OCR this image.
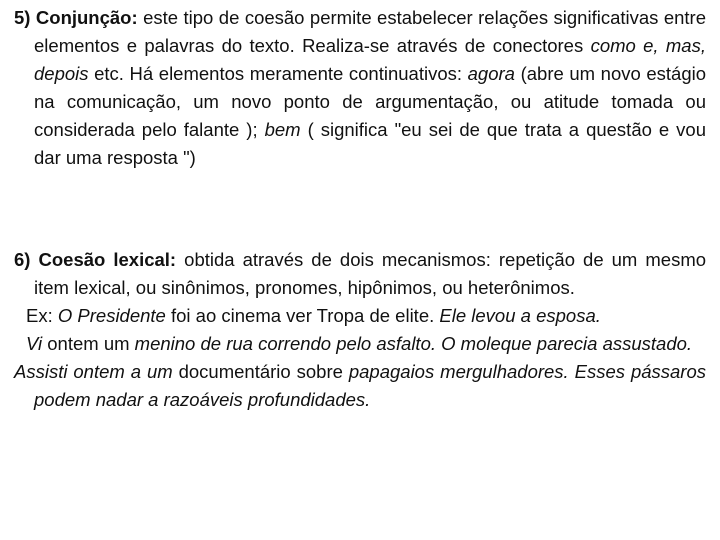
5) Conjunção: este tipo de coesão permite estabelecer relações significativas entre elementos e palavras do texto. Realiza-se através de conectores como e, mas, depois etc. Há elementos meramente continuativos: agora (abre um novo estágio na comunicação, um novo ponto de argumentação, ou atitude tomada ou considerada pelo falante ); bem ( significa "eu sei de que trata a questão e vou dar uma resposta ")

6) Coesão lexical: obtida através de dois mecanismos: repetição de um mesmo item lexical, ou sinônimos, pronomes, hipônimos, ou heterônimos.

Ex: O Presidente foi ao cinema ver Tropa de elite. Ele levou a esposa.

Vi ontem um menino de rua correndo pelo asfalto. O moleque parecia assustado.

Assisti ontem a um documentário sobre papagaios mergulhadores. Esses pássaros podem nadar a razoáveis profundidades.
